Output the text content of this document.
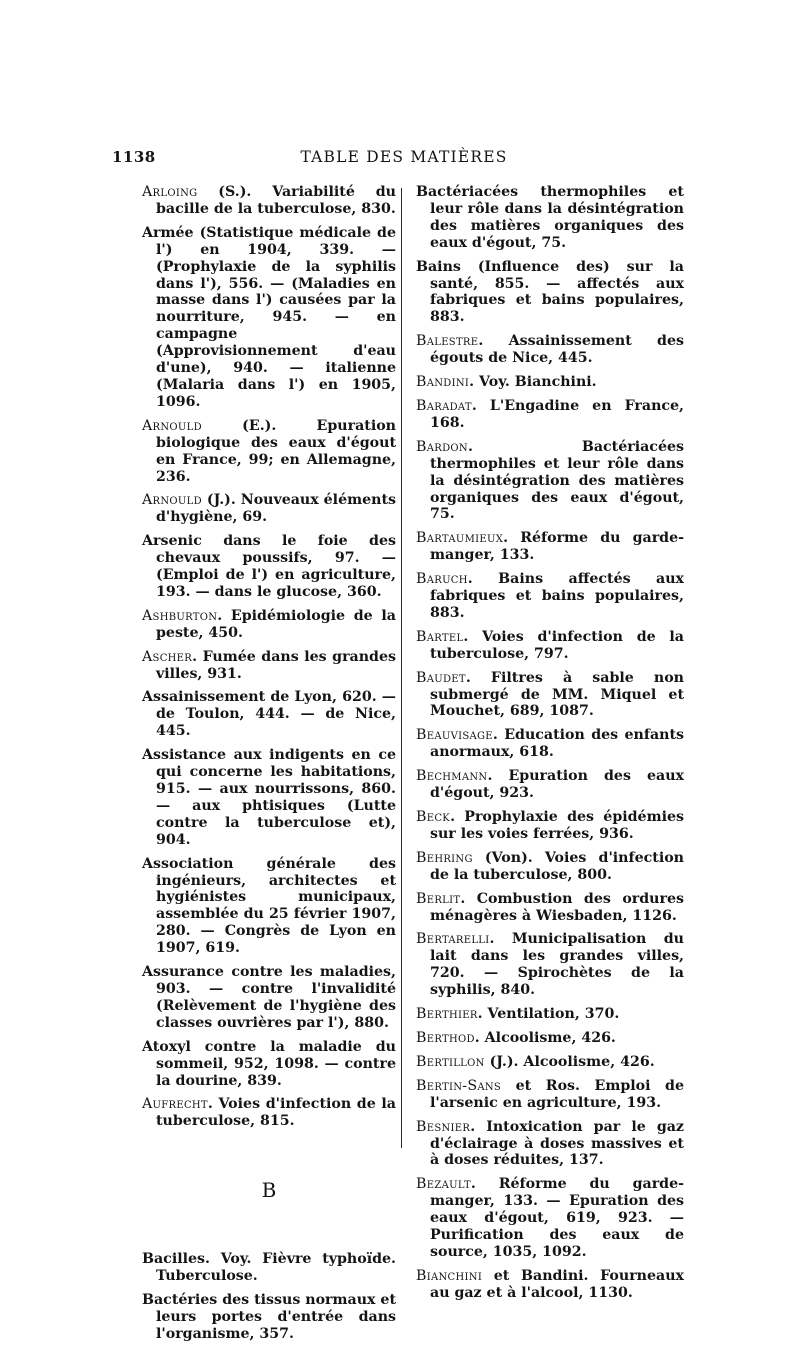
1138	TABLE DES MATIÈRES

Arloing (S.). Variabilité du bacille de la tuberculose, 830.

Armée (Statistique médicale de l') en 1904, 339. — (Prophylaxie de la syphilis dans l'), 556. — (Maladies en masse dans l') causées par la nourriture, 945. — en campagne (Approvisionnement d'eau d'une), 940. — italienne (Malaria dans l') en 1905, 1096.

Arnould (E.). Epuration biologique des eaux d'égout en France, 99; en Allemagne, 236.

Arnould (J.). Nouveaux éléments d'hygiène, 69.

Arsenic dans le foie des chevaux poussifs, 97. — (Emploi de l') en agriculture, 193. — dans le glucose, 360.

Ashburton. Epidémiologie de la peste, 450.

Ascher. Fumée dans les grandes villes, 931.

Assainissement de Lyon, 620. — de Toulon, 444. — de Nice, 445.

Assistance aux indigents en ce qui concerne les habitations, 915. — aux nourrissons, 860. — aux phtisiques (Lutte contre la tuberculose et), 904.

Association générale des ingénieurs, architectes et hygiénistes municipaux, assemblée du 25 février 1907, 280. — Congrès de Lyon en 1907, 619.

Assurance contre les maladies, 903. — contre l'invalidité (Relèvement de l'hygiène des classes ouvrières par l'), 880.

Atoxyl contre la maladie du sommeil, 952, 1098. — contre la dourine, 839.

Aufrecht. Voies d'infection de la tuberculose, 815.

B

Bacilles. Voy. Fièvre typhoïde. Tuberculose.

Bactéries des tissus normaux et leurs portes d'entrée dans l'organisme, 357.

Bactériacées thermophiles et leur rôle dans la désintégration des matières organiques des eaux d'égout, 75.

Bains (Influence des) sur la santé, 855. — affectés aux fabriques et bains populaires, 883.

Balestre. Assainissement des égouts de Nice, 445.

Bandini. Voy. Bianchini.

Baradat. L'Engadine en France, 168.

Bardon. Bactériacées thermophiles et leur rôle dans la désintégration des matières organiques des eaux d'égout, 75.

Bartaumieux. Réforme du garde-manger, 133.

Baruch. Bains affectés aux fabriques et bains populaires, 883.

Bartel. Voies d'infection de la tuberculose, 797.

Baudet. Filtres à sable non submergé de MM. Miquel et Mouchet, 689, 1087.

Beauvisage. Education des enfants anormaux, 618.

Bechmann. Epuration des eaux d'égout, 923.

Beck. Prophylaxie des épidémies sur les voies ferrées, 936.

Behring (Von). Voies d'infection de la tuberculose, 800.

Berlit. Combustion des ordures ménagères à Wiesbaden, 1126.

Bertarelli. Municipalisation du lait dans les grandes villes, 720. — Spirochètes de la syphilis, 840.

Berthier. Ventilation, 370.

Berthod. Alcoolisme, 426.

Bertillon (J.). Alcoolisme, 426.

Bertin-Sans et Ros. Emploi de l'arsenic en agriculture, 193.

Besnier. Intoxication par le gaz d'éclairage à doses massives et à doses réduites, 137.

Bezault. Réforme du garde-manger, 133. — Epuration des eaux d'égout, 619, 923. — Purification des eaux de source, 1035, 1092.

Bianchini et Bandini. Fourneaux au gaz et à l'alcool, 1130.
